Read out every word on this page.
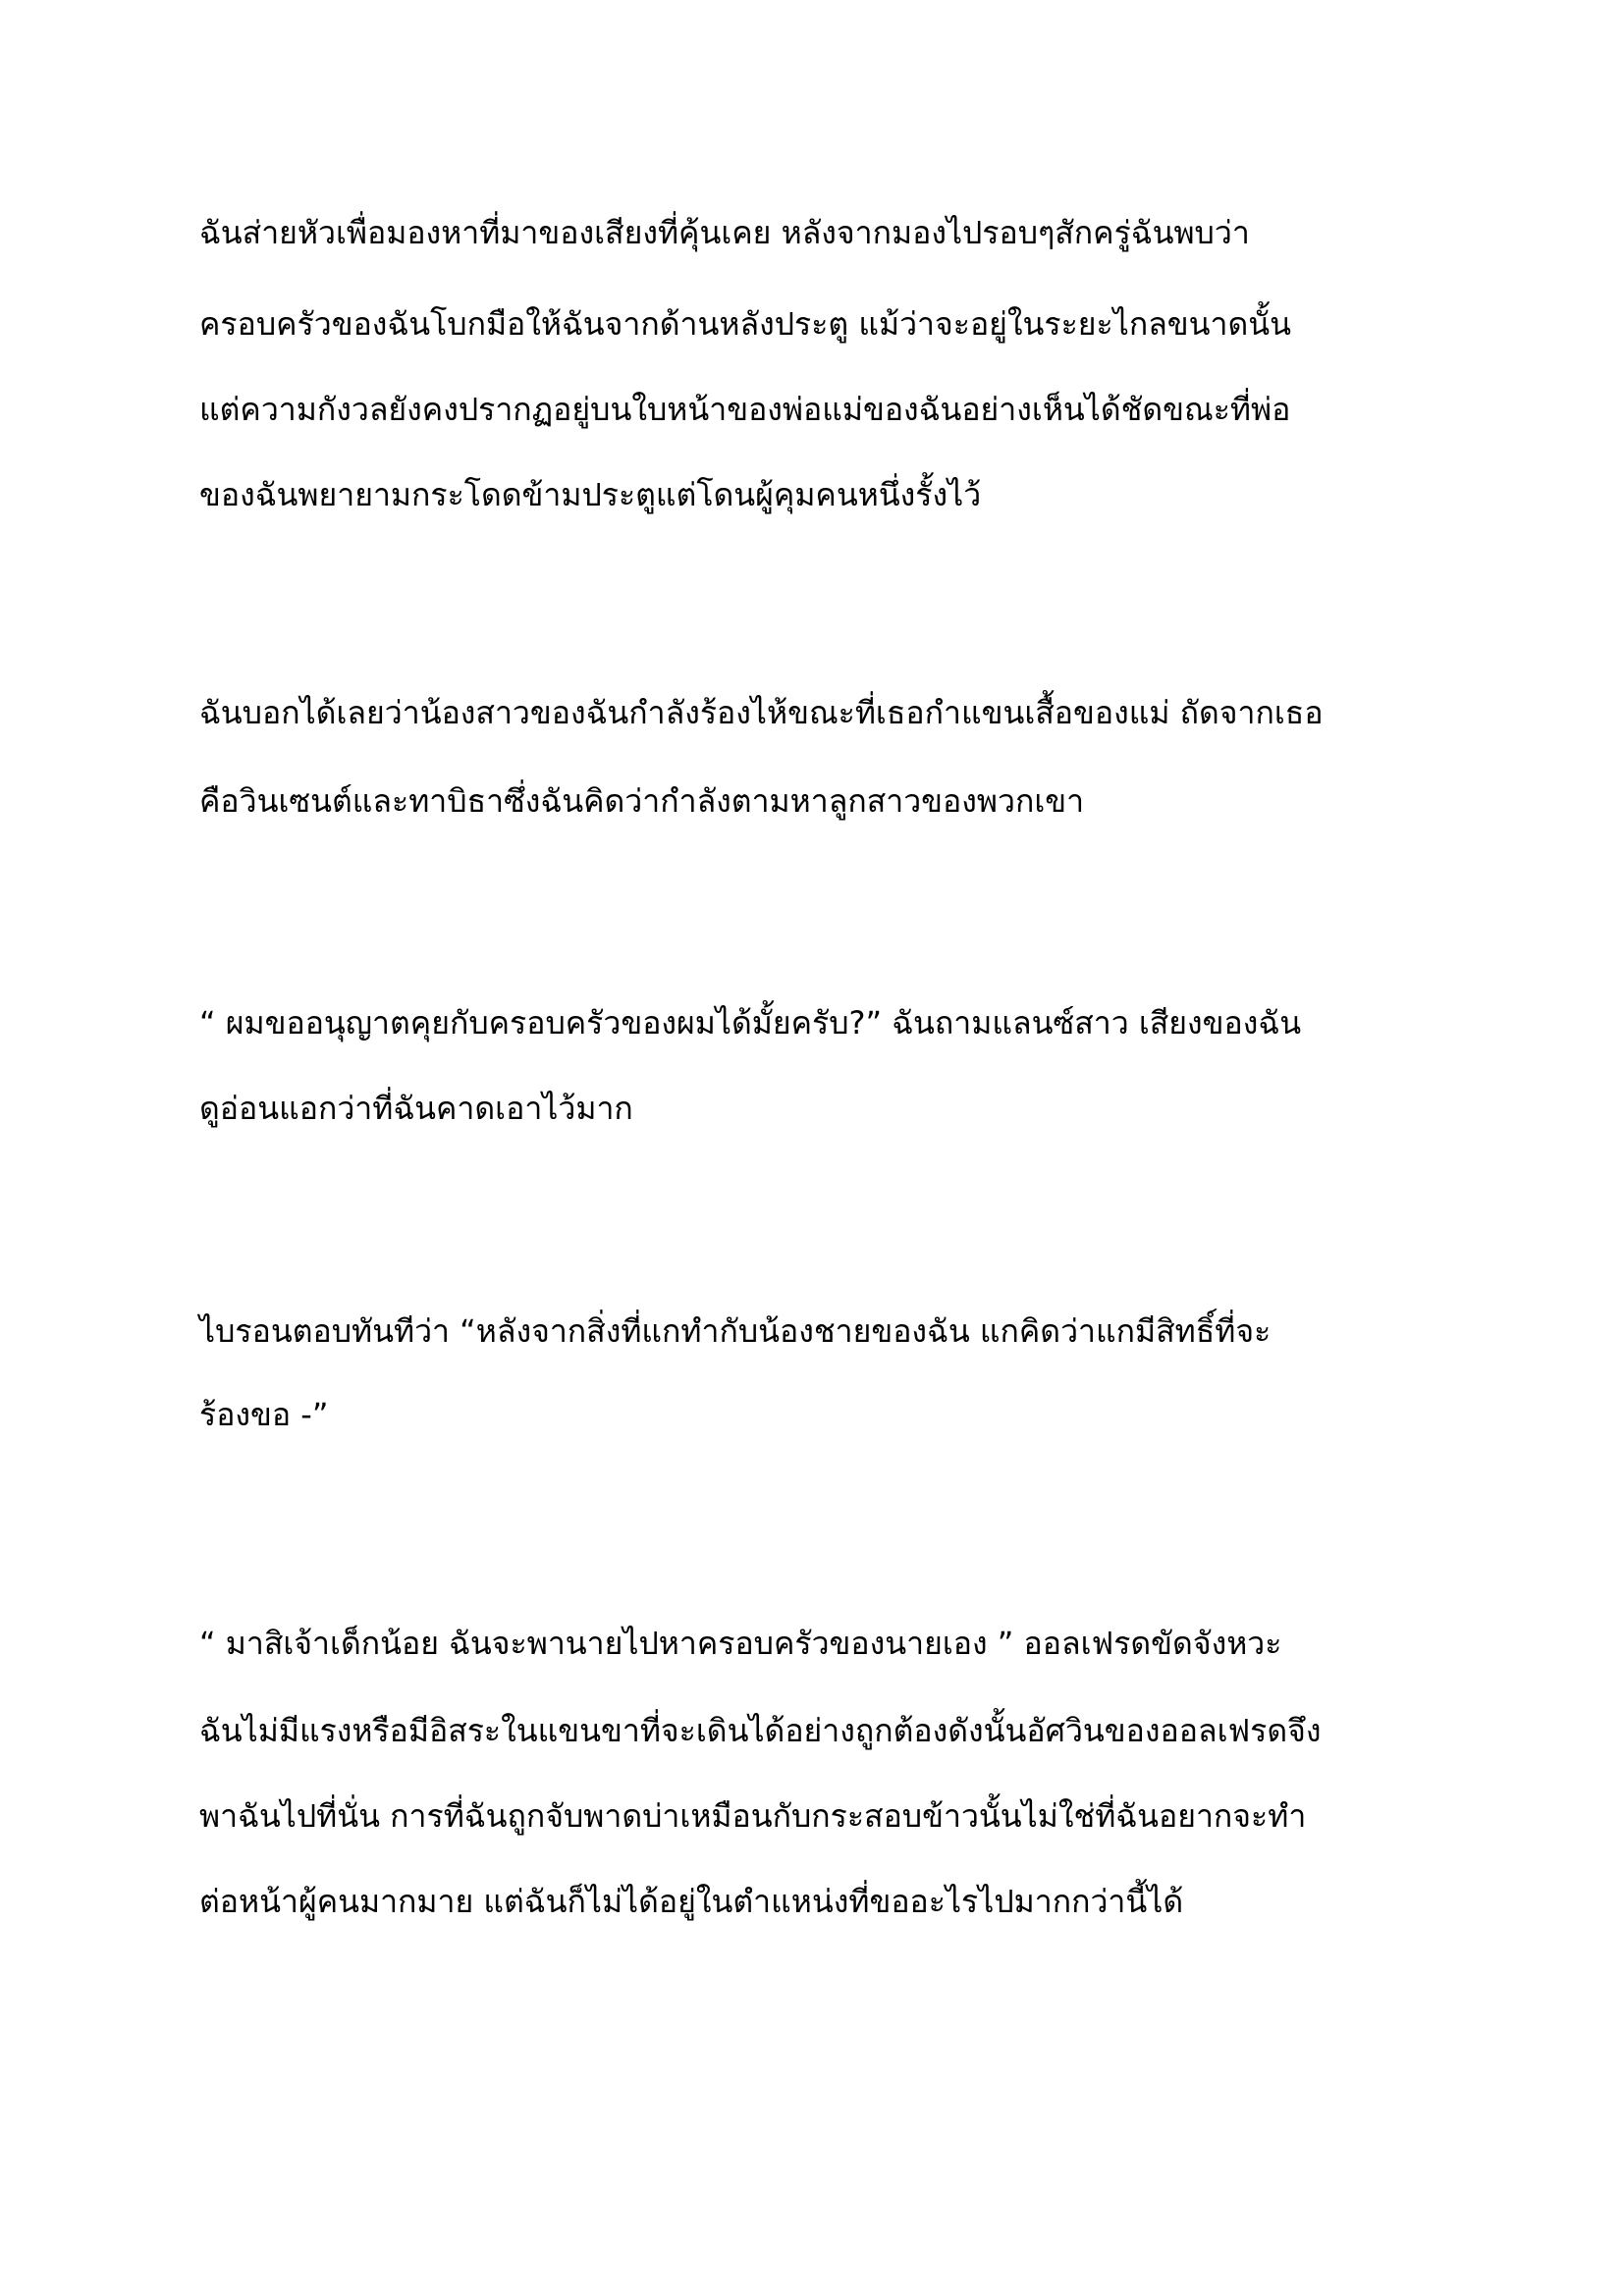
ฉันส่ายหัวเพื่อมองหาที่มาของเสียงที่คุ้นเคย หลังจากมองไปรอบๆสักครู่ฉันพบว่า
ครอบครัวของฉันโบกมือให้ฉันจากด้านหลังประตู แม้ว่าจะอยู่ในระยะไกลขนาดนั้น
แต่ความกังวลยังคงปรากฏอยู่บนใบหน้าของพ่อแม่ของฉันอย่างเห็นได้ชัดขณะที่พ่อ
ของฉันพยายามกระโดดข้ามประตูแต่โดนผู้คุมคนหนึ่งรั้งไว้
ฉันบอกได้เลยว่าน้องสาวของฉันกำลังร้องไห้ขณะที่เธอกำแขนเสื้อของแม่ ถัดจากเธอ
คือวินเซนต์และทาบิธาซึ่งฉันคิดว่ากำลังตามหาลูกสาวของพวกเขา
“ ผมขออนุญาตคุยกับครอบครัวของผมได้มั้ยครับ?” ฉันถามแลนซ์สาว เสียงของฉัน
ดูอ่อนแอกว่าที่ฉันคาดเอาไว้มาก
ไบรอนตอบทันทีว่า “หลังจากสิ่งที่แกทำกับน้องชายของฉัน แกคิดว่าแกมีสิทธิ์ที่จะ
ร้องขอ -”
“ มาสิเจ้าเด็กน้อย ฉันจะพานายไปหาครอบครัวของนายเอง ” ออลเฟรดขัดจังหวะ
ฉันไม่มีแรงหรือมีอิสระในแขนขาที่จะเดินได้อย่างถูกต้องดังนั้นอัศวินของออลเฟรดจึง
พาฉันไปที่นั่น การที่ฉันถูกจับพาดบ่าเหมือนกับกระสอบข้าวนั้นไม่ใช่ที่ฉันอยากจะทำ
ต่อหน้าผู้คนมากมาย แต่ฉันก็ไม่ได้อยู่ในตำแหน่งที่ขออะไรไปมากกว่านี้ได้
